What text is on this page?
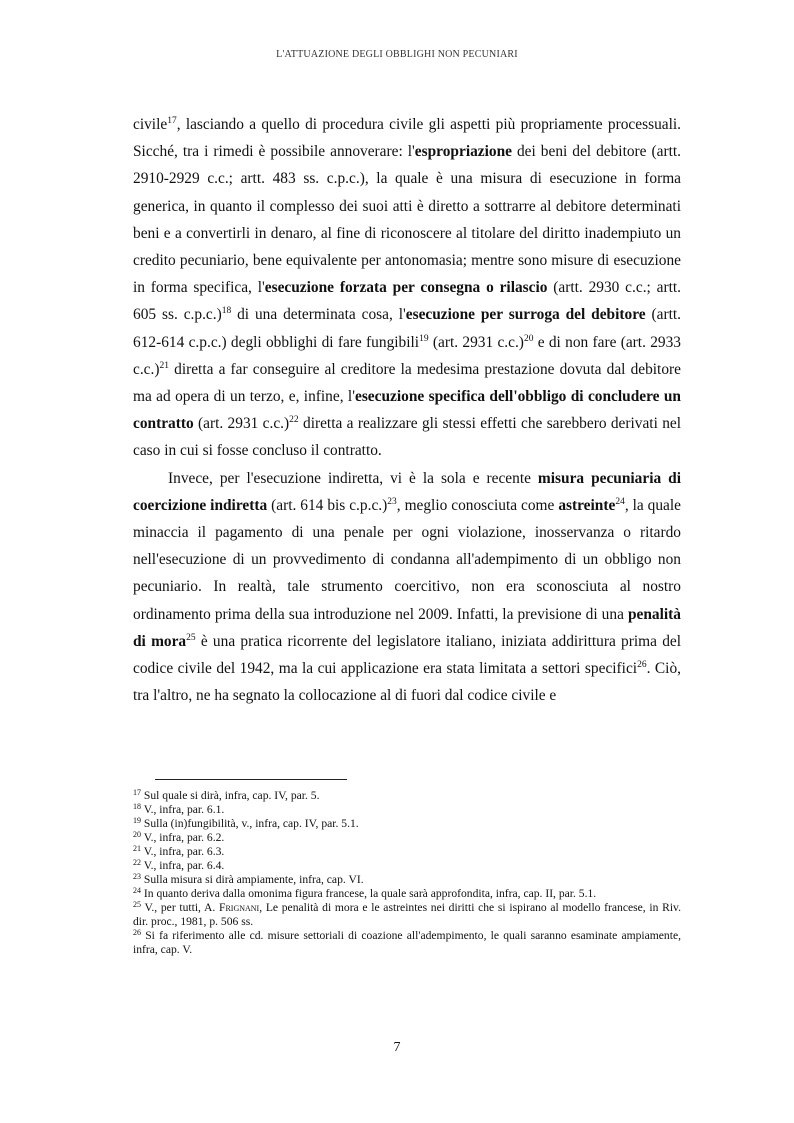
L'ATTUAZIONE DEGLI OBBLIGHI NON PECUNIARI

civile$^{17}$, lasciando a quello di procedura civile gli aspetti più propriamente processuali. Sicché, tra i rimedi è possibile annoverare: l'espropriazione dei beni del debitore (artt. 2910-2929 c.c.; artt. 483 ss. c.p.c.), la quale è una misura di esecuzione in forma generica, in quanto il complesso dei suoi atti è diretto a sottrarre al debitore determinati beni e a convertirli in denaro, al fine di riconoscere al titolare del diritto inadempiuto un credito pecuniario, bene equivalente per antonomasia; mentre sono misure di esecuzione in forma specifica, l'esecuzione forzata per consegna o rilascio (artt. 2930 c.c.; artt. 605 ss. c.p.c.)$^{18}$ di una determinata cosa, l'esecuzione per surroga del debitore (artt. 612-614 c.p.c.) degli obblighi di fare fungibili$^{19}$ (art. 2931 c.c.)$^{20}$ e di non fare (art. 2933 c.c.)$^{21}$ diretta a far conseguire al creditore la medesima prestazione dovuta dal debitore ma ad opera di un terzo, e, infine, l'esecuzione specifica dell'obbligo di concludere un contratto (art. 2931 c.c.)$^{22}$ diretta a realizzare gli stessi effetti che sarebbero derivati nel caso in cui si fosse concluso il contratto.

Invece, per l'esecuzione indiretta, vi è la sola e recente misura pecuniaria di coercizione indiretta (art. 614 bis c.p.c.)$^{23}$, meglio conosciuta come astreinte$^{24}$, la quale minaccia il pagamento di una penale per ogni violazione, inosservanza o ritardo nell'esecuzione di un provvedimento di condanna all'adempimento di un obbligo non pecuniario. In realtà, tale strumento coercitivo, non era sconosciuta al nostro ordinamento prima della sua introduzione nel 2009. Infatti, la previsione di una penalità di mora$^{25}$ è una pratica ricorrente del legislatore italiano, iniziata addirittura prima del codice civile del 1942, ma la cui applicazione era stata limitata a settori specifici$^{26}$. Ciò, tra l'altro, ne ha segnato la collocazione al di fuori dal codice civile e

$^{17}$ Sul quale si dirà, infra, cap. IV, par. 5.

$^{18}$ V., infra, par. 6.1.

$^{19}$ Sulla (in)fungibilità, v., infra, cap. IV, par. 5.1.

$^{20}$ V., infra, par. 6.2.

$^{21}$ V., infra, par. 6.3.

$^{22}$ V., infra, par. 6.4.

$^{23}$ Sulla misura si dirà ampiamente, infra, cap. VI.

$^{24}$ In quanto deriva dalla omonima figura francese, la quale sarà approfondita, infra, cap. II, par. 5.1.

$^{25}$ V., per tutti, A. Frignani, Le penalità di mora e le astreintes nei diritti che si ispirano al modello francese, in Riv. dir. proc., 1981, p. 506 ss.

$^{26}$ Si fa riferimento alle cd. misure settoriali di coazione all'adempimento, le quali saranno esaminate ampiamente, infra, cap. V.

7
